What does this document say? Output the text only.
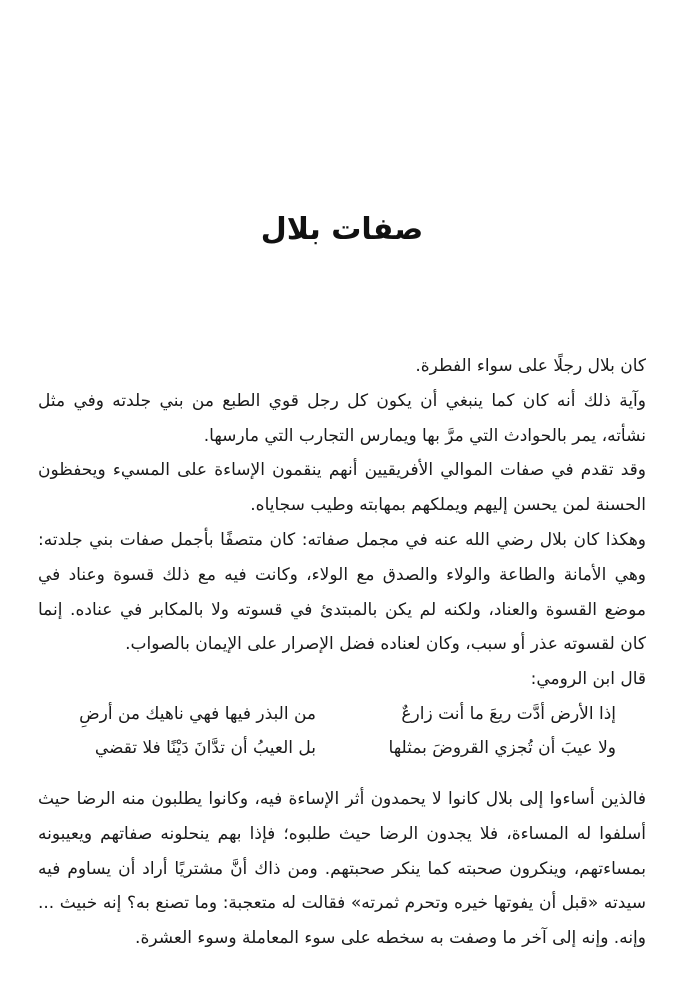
صفات بلال

كان بلال رجلًا على سواء الفطرة.

وآية ذلك أنه كان كما ينبغي أن يكون كل رجل قوي الطبع من بني جلدته وفي مثل نشأته، يمر بالحوادث التي مرَّ بها ويمارس التجارب التي مارسها.

وقد تقدم في صفات الموالي الأفريقيين أنهم ينقمون الإساءة على المسيء ويحفظون الحسنة لمن يحسن إليهم ويملكهم بمهابته وطيب سجاياه.

وهكذا كان بلال رضي الله عنه في مجمل صفاته: كان متصفًا بأجمل صفات بني جلدته: وهي الأمانة والطاعة والولاء والصدق مع الولاء، وكانت فيه مع ذلك قسوة وعناد في موضع القسوة والعناد، ولكنه لم يكن بالمبتدئ في قسوته ولا بالمكابر في عناده. إنما كان لقسوته عذر أو سبب، وكان لعناده فضل الإصرار على الإيمان بالصواب.

قال ابن الرومي:

إذا الأرض أدَّت ريعَ ما أنت زارعٌ
من البذر فيها فهي ناهيك من أرضِ
ولا عيبَ أن تُجزي القروضَ بمثلها
بل العيبُ أن تدَّانَ دَيْنًا فلا تقضي

فالذين أساءوا إلى بلال كانوا لا يحمدون أثر الإساءة فيه، وكانوا يطلبون منه الرضا حيث أسلفوا له المساءة، فلا يجدون الرضا حيث طلبوه؛ فإذا بهم ينحلونه صفاتهم ويعيبونه بمساءتهم، وينكرون صحبته كما ينكر صحبتهم. ومن ذاك أنَّ مشتريًا أراد أن يساوم فيه سيدته «قبل أن يفوتها خيره وتحرم ثمرته» فقالت له متعجبة: وما تصنع به؟ إنه خبيث ... وإنه. وإنه إلى آخر ما وصفت به سخطه على سوء المعاملة وسوء العشرة.
